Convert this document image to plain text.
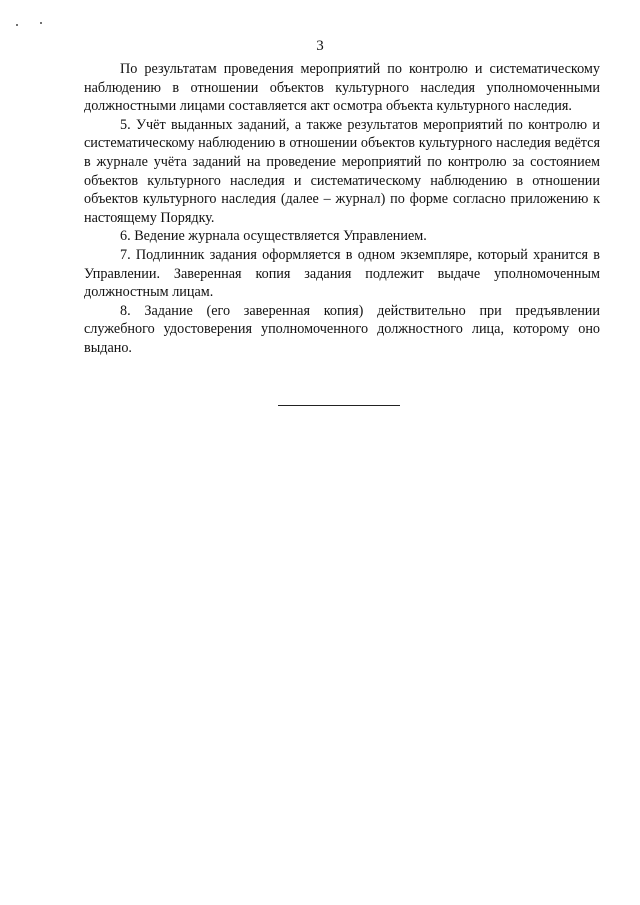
3

По результатам проведения мероприятий по контролю и систематическому наблюдению в отношении объектов культурного наследия уполномоченными должностными лицами составляется акт осмотра объекта культурного наследия.

5. Учёт выданных заданий, а также результатов мероприятий по контролю и систематическому наблюдению в отношении объектов культурного наследия ведётся в журнале учёта заданий на проведение мероприятий по контролю за состоянием объектов культурного наследия и систематическому наблюдению в отношении объектов культурного наследия (далее – журнал) по форме согласно приложению к настоящему Порядку.

6. Ведение журнала осуществляется Управлением.

7. Подлинник задания оформляется в одном экземпляре, который хранится в Управлении. Заверенная копия задания подлежит выдаче уполномоченным должностным лицам.

8. Задание (его заверенная копия) действительно при предъявлении служебного удостоверения уполномоченного должностного лица, которому оно выдано.
